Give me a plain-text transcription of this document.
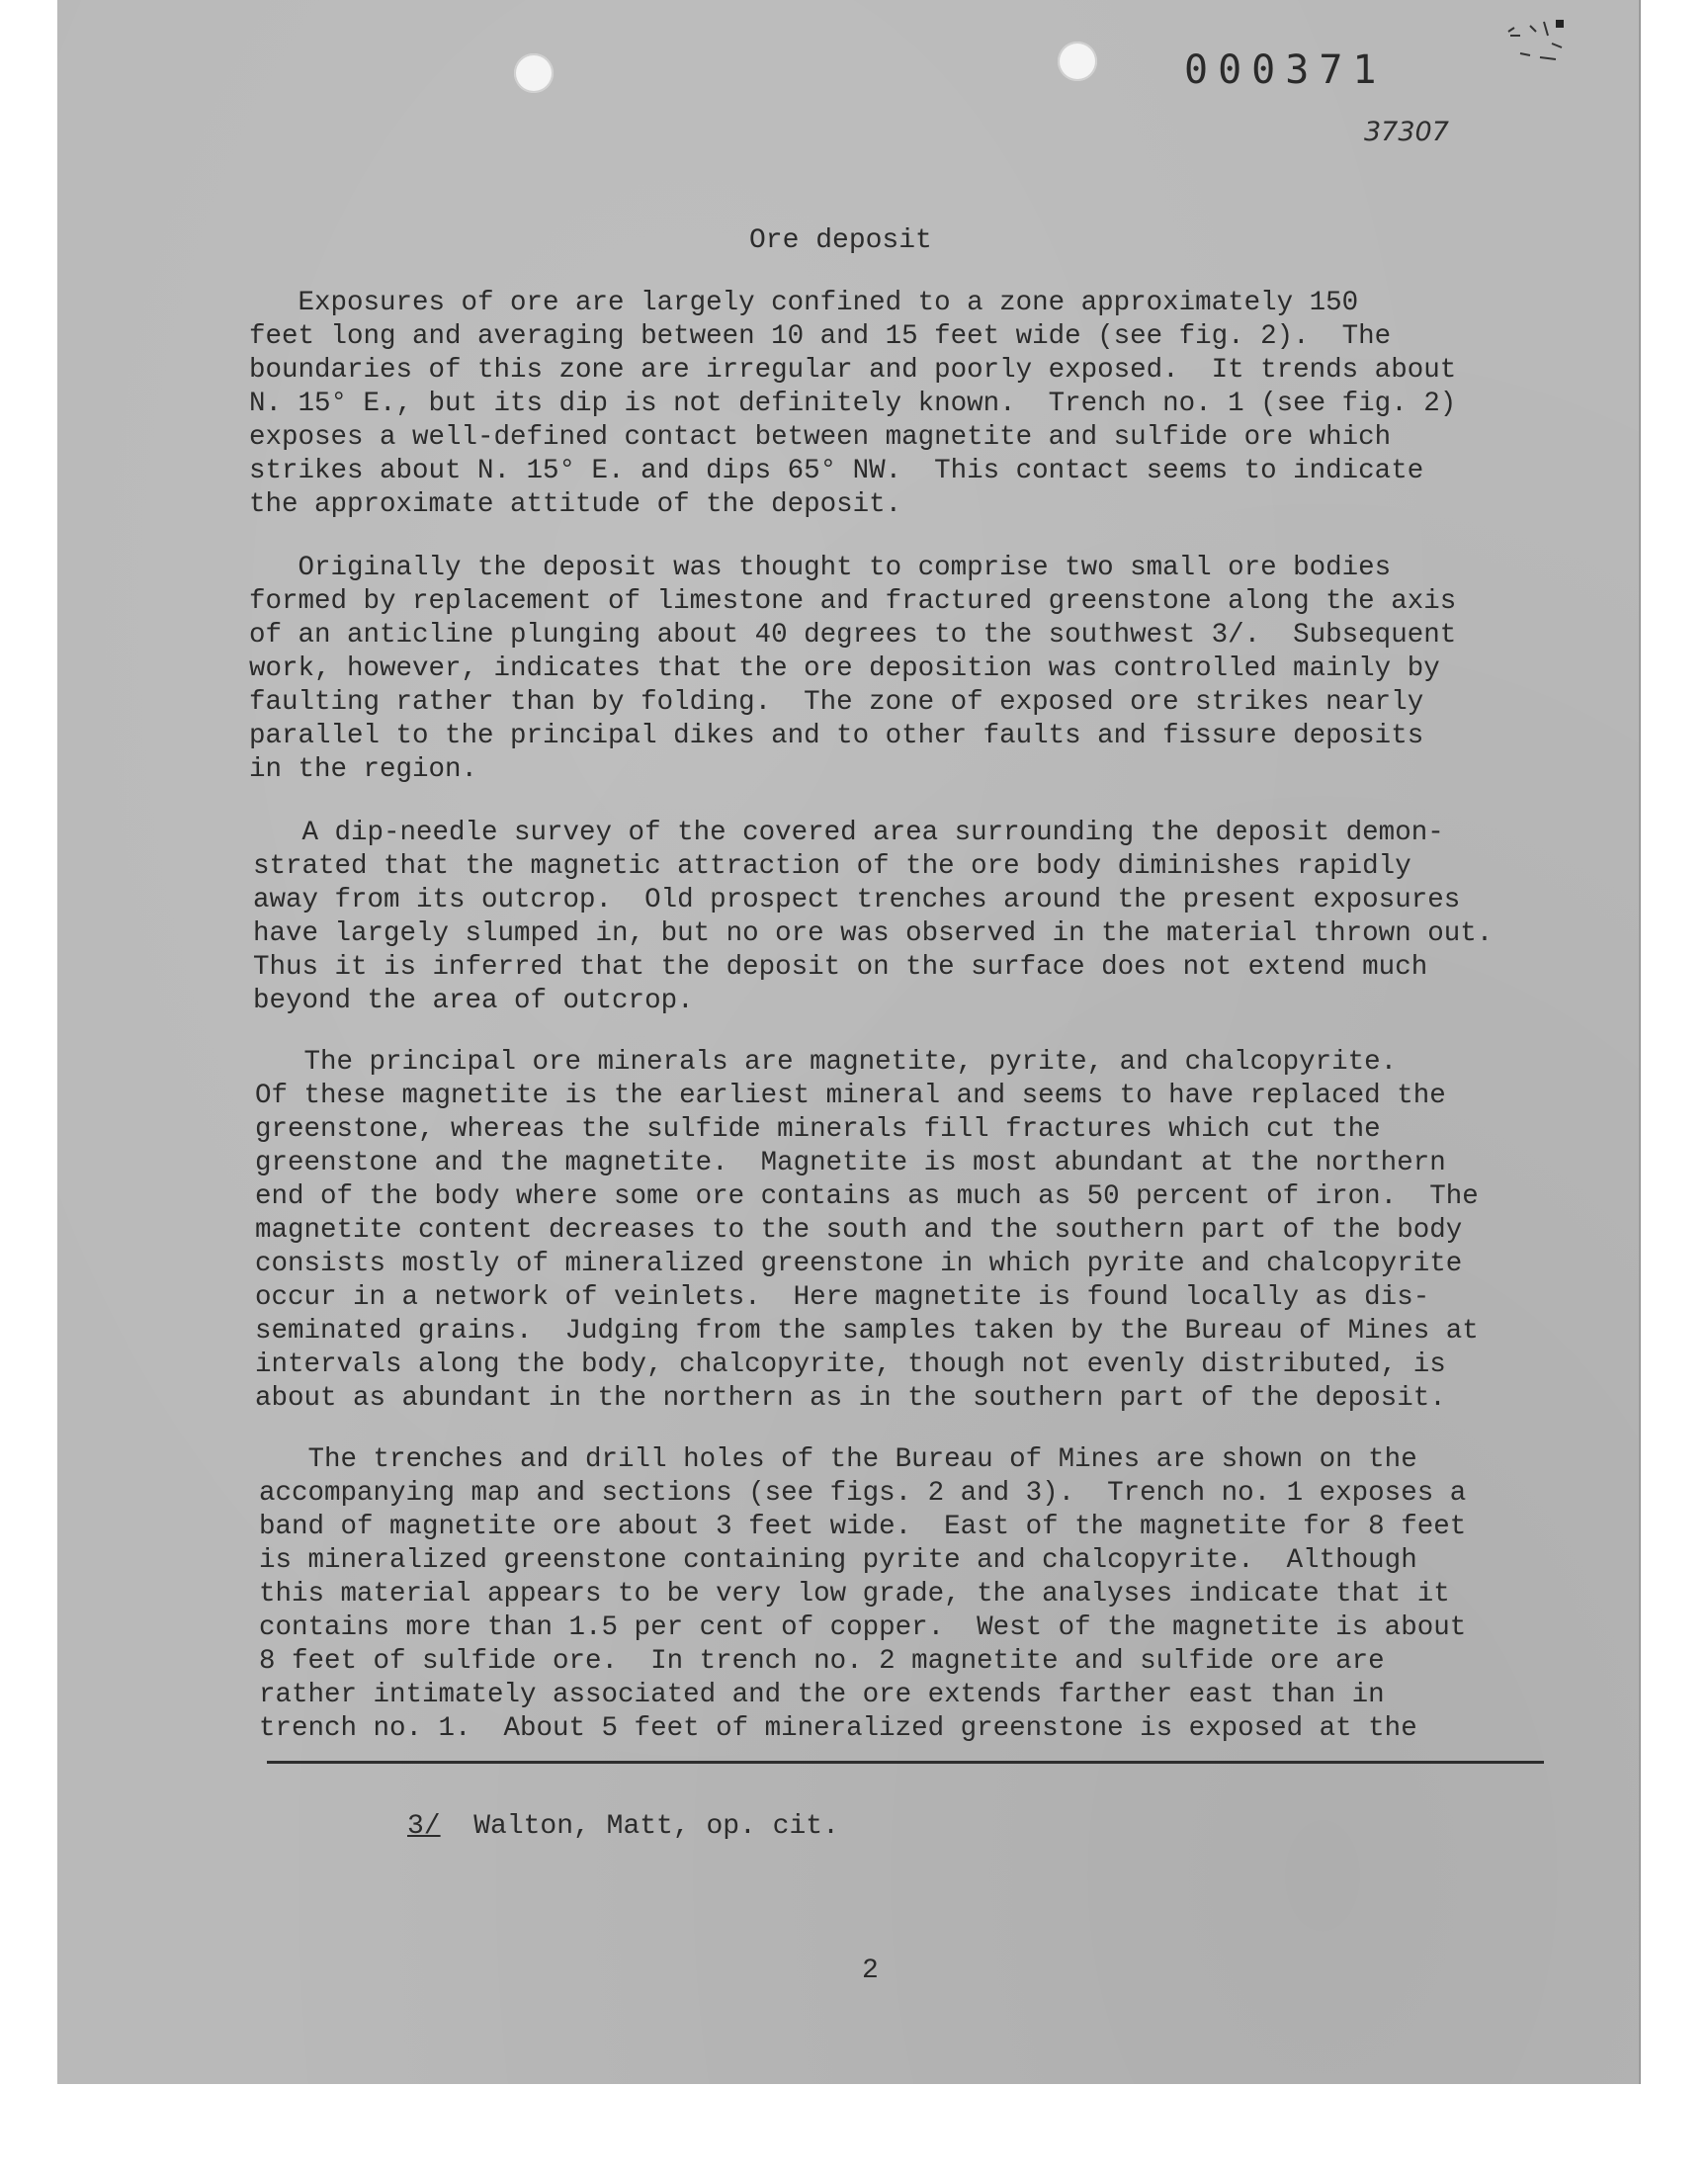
000371
37307
Ore deposit
Exposures of ore are largely confined to a zone approximately 150
feet long and averaging between 10 and 15 feet wide (see fig. 2).  The
boundaries of this zone are irregular and poorly exposed.  It trends about
N. 15° E., but its dip is not definitely known.  Trench no. 1 (see fig. 2)
exposes a well-defined contact between magnetite and sulfide ore which
strikes about N. 15° E. and dips 65° NW.  This contact seems to indicate
the approximate attitude of the deposit.
Originally the deposit was thought to comprise two small ore bodies
formed by replacement of limestone and fractured greenstone along the axis
of an anticline plunging about 40 degrees to the southwest 3/.  Subsequent
work, however, indicates that the ore deposition was controlled mainly by
faulting rather than by folding.  The zone of exposed ore strikes nearly
parallel to the principal dikes and to other faults and fissure deposits
in the region.
A dip-needle survey of the covered area surrounding the deposit demon-
strated that the magnetic attraction of the ore body diminishes rapidly
away from its outcrop.  Old prospect trenches around the present exposures
have largely slumped in, but no ore was observed in the material thrown out.
Thus it is inferred that the deposit on the surface does not extend much
beyond the area of outcrop.
The principal ore minerals are magnetite, pyrite, and chalcopyrite.
Of these magnetite is the earliest mineral and seems to have replaced the
greenstone, whereas the sulfide minerals fill fractures which cut the
greenstone and the magnetite.  Magnetite is most abundant at the northern
end of the body where some ore contains as much as 50 percent of iron.  The
magnetite content decreases to the south and the southern part of the body
consists mostly of mineralized greenstone in which pyrite and chalcopyrite
occur in a network of veinlets.  Here magnetite is found locally as dis-
seminated grains.  Judging from the samples taken by the Bureau of Mines at
intervals along the body, chalcopyrite, though not evenly distributed, is
about as abundant in the northern as in the southern part of the deposit.
The trenches and drill holes of the Bureau of Mines are shown on the
accompanying map and sections (see figs. 2 and 3).  Trench no. 1 exposes a
band of magnetite ore about 3 feet wide.  East of the magnetite for 8 feet
is mineralized greenstone containing pyrite and chalcopyrite.  Although
this material appears to be very low grade, the analyses indicate that it
contains more than 1.5 per cent of copper.  West of the magnetite is about
8 feet of sulfide ore.  In trench no. 2 magnetite and sulfide ore are
rather intimately associated and the ore extends farther east than in
trench no. 1.  About 5 feet of mineralized greenstone is exposed at the
3/  Walton, Matt, op. cit.
2
